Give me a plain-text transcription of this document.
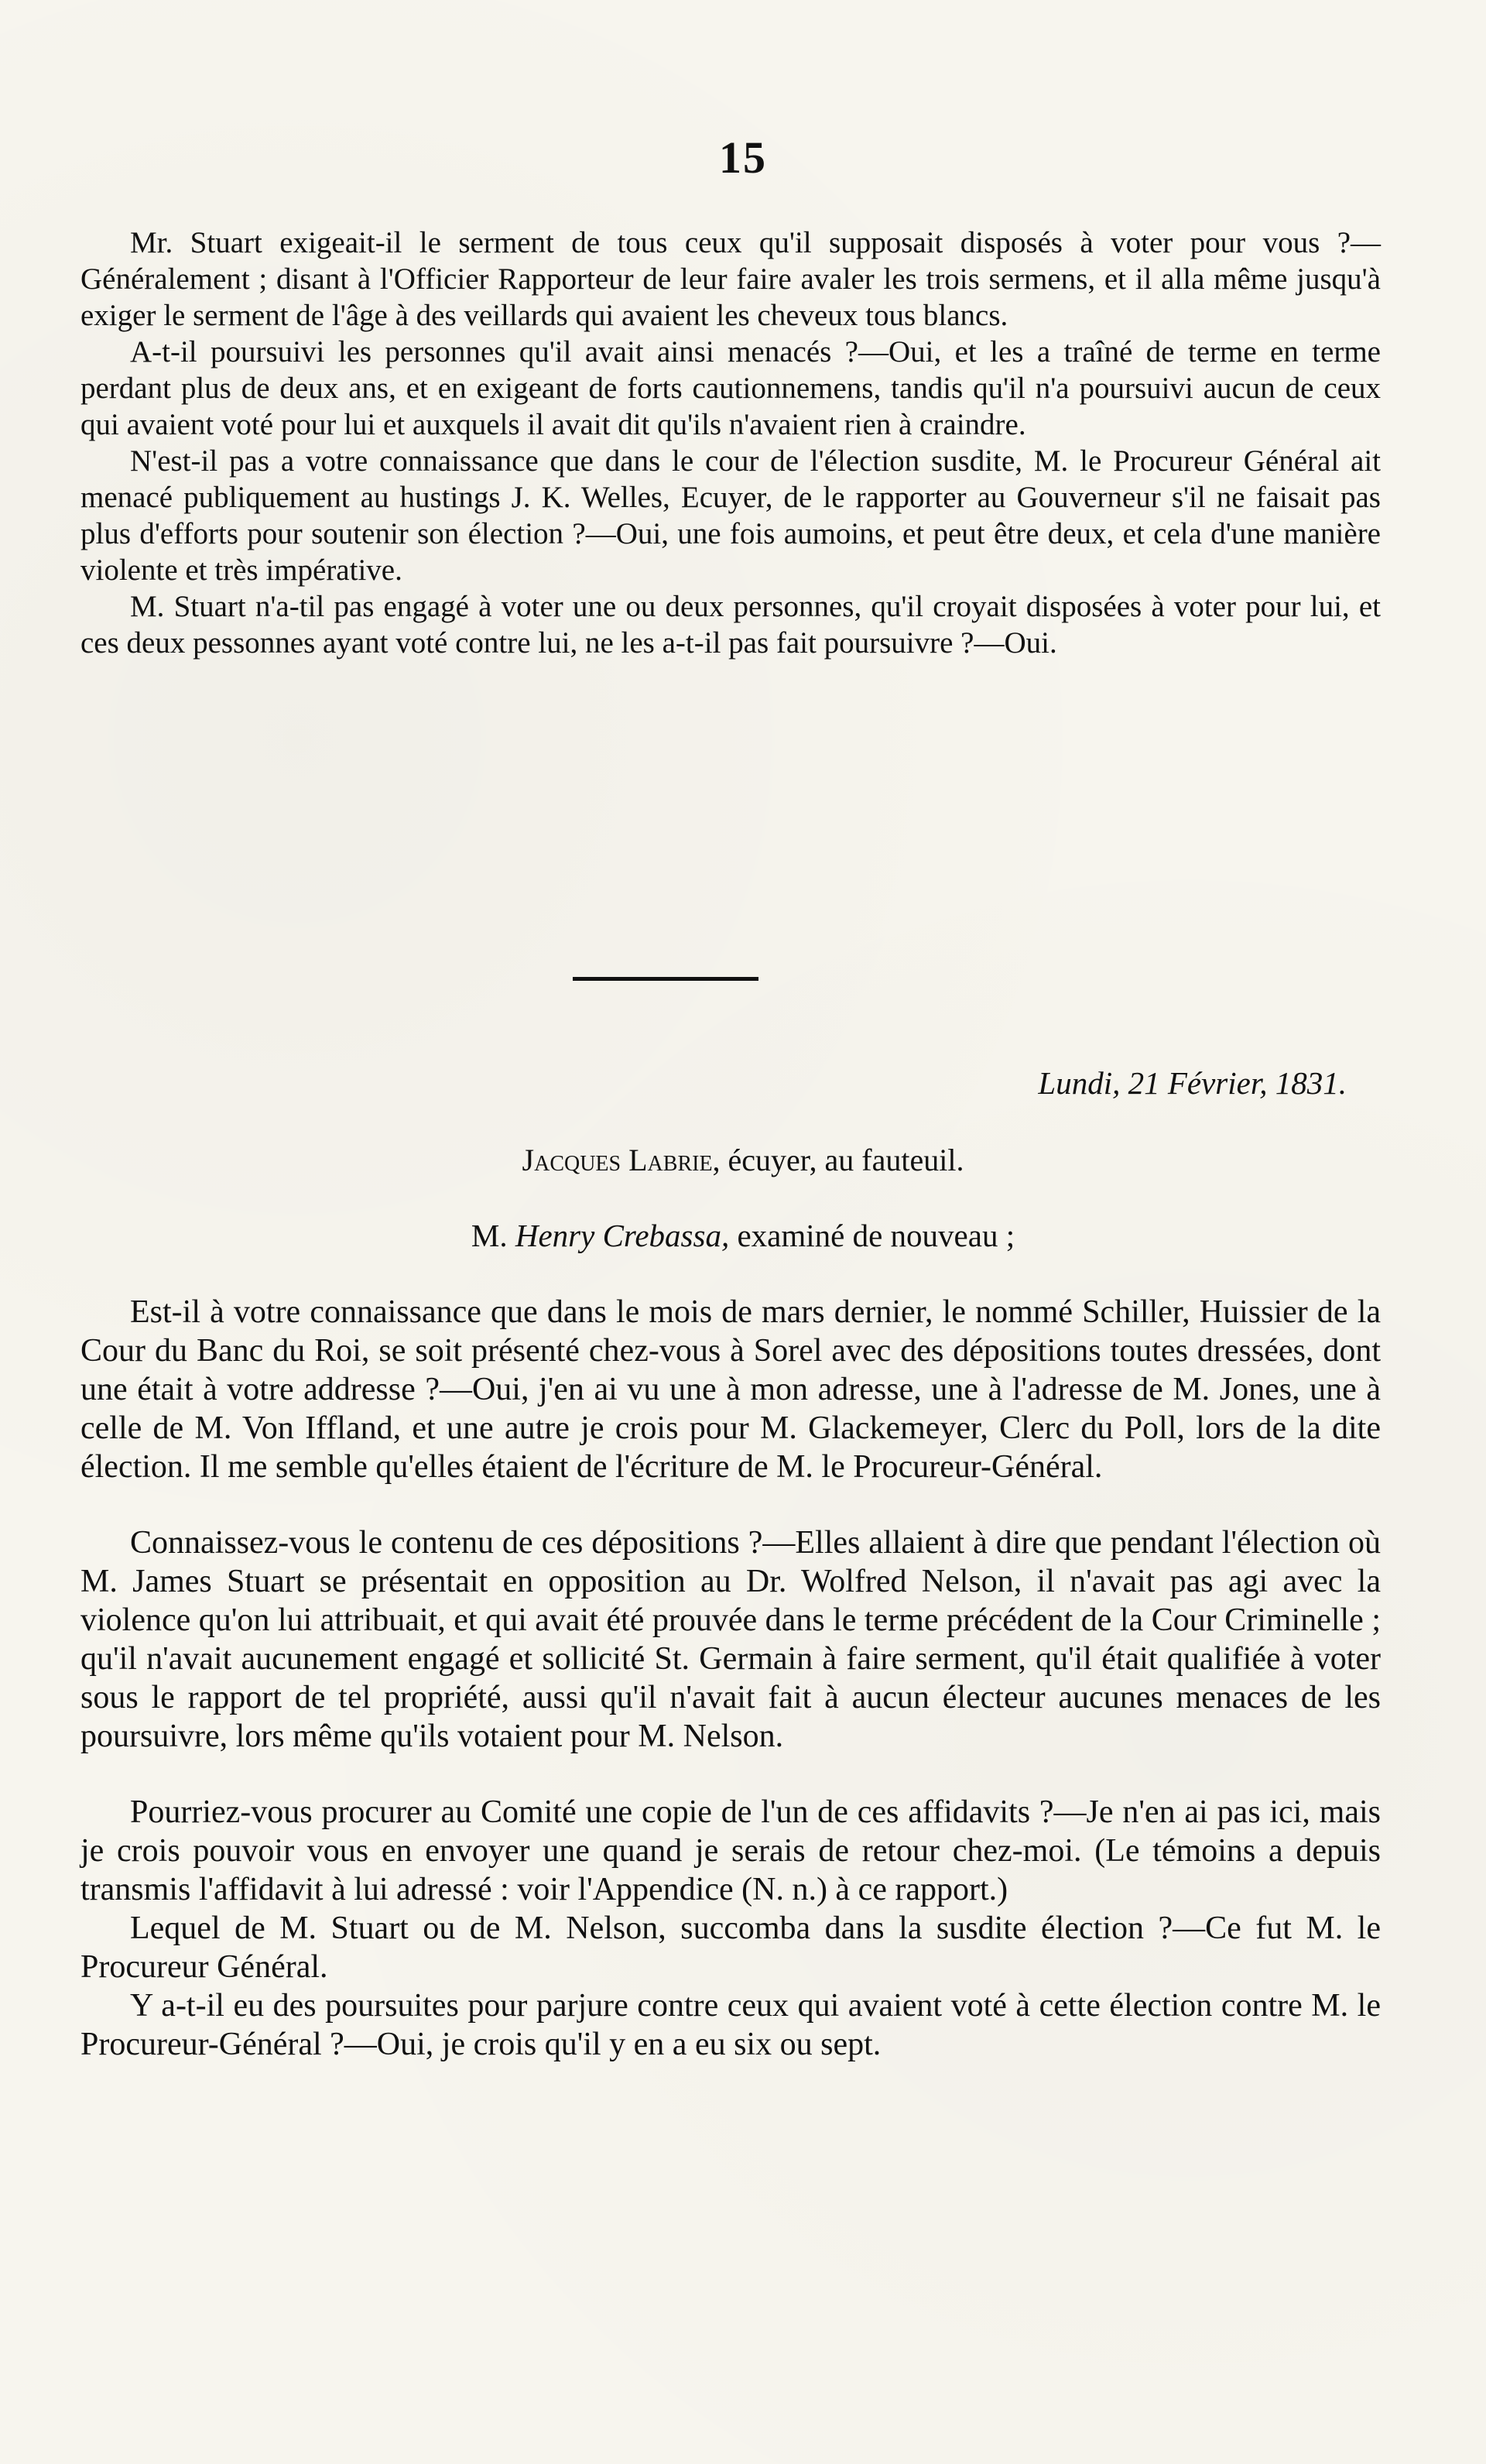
15

Mr. Stuart exigeait-il le serment de tous ceux qu'il supposait disposés à voter pour vous ?—Généralement ; disant à l'Officier Rapporteur de leur faire avaler les trois sermens, et il alla même jusqu'à exiger le serment de l'âge à des veillards qui avaient les cheveux tous blancs.

A-t-il poursuivi les personnes qu'il avait ainsi menacés ?—Oui, et les a traîné de terme en terme perdant plus de deux ans, et en exigeant de forts cautionnemens, tandis qu'il n'a poursuivi aucun de ceux qui avaient voté pour lui et auxquels il avait dit qu'ils n'avaient rien à craindre.

N'est-il pas a votre connaissance que dans le cour de l'élection susdite, M. le Procureur Général ait menacé publiquement au hustings J. K. Welles, Ecuyer, de le rapporter au Gouverneur s'il ne faisait pas plus d'efforts pour soutenir son élection ?—Oui, une fois aumoins, et peut être deux, et cela d'une manière violente et très impérative.

M. Stuart n'a-til pas engagé à voter une ou deux personnes, qu'il croyait disposées à voter pour lui, et ces deux pessonnes ayant voté contre lui, ne les a-t-il pas fait poursuivre ?—Oui.

Lundi, 21 Février, 1831.
Jacques Labrie, écuyer, au fauteuil.
M. Henry Crebassa, examiné de nouveau ;

Est-il à votre connaissance que dans le mois de mars dernier, le nommé Schiller, Huissier de la Cour du Banc du Roi, se soit présenté chez-vous à Sorel avec des dépositions toutes dressées, dont une était à votre addresse ?—Oui, j'en ai vu une à mon adresse, une à l'adresse de M. Jones, une à celle de M. Von Iffland, et une autre je crois pour M. Glackemeyer, Clerc du Poll, lors de la dite élection. Il me semble qu'elles étaient de l'écriture de M. le Procureur-Général.

Connaissez-vous le contenu de ces dépositions ?—Elles allaient à dire que pendant l'élection où M. James Stuart se présentait en opposition au Dr. Wolfred Nelson, il n'avait pas agi avec la violence qu'on lui attribuait, et qui avait été prouvée dans le terme précédent de la Cour Criminelle ; qu'il n'avait aucunement engagé et sollicité St. Germain à faire serment, qu'il était qualifiée à voter sous le rapport de tel propriété, aussi qu'il n'avait fait à aucun électeur aucunes menaces de les poursuivre, lors même qu'ils votaient pour M. Nelson.

Pourriez-vous procurer au Comité une copie de l'un de ces affidavits ?—Je n'en ai pas ici, mais je crois pouvoir vous en envoyer une quand je serais de retour chez-moi. (Le témoins a depuis transmis l'affidavit à lui adressé : voir l'Appendice (N. n.) à ce rapport.)

Lequel de M. Stuart ou de M. Nelson, succomba dans la susdite élection ?—Ce fut M. le Procureur Général.

Y a-t-il eu des poursuites pour parjure contre ceux qui avaient voté à cette élection contre M. le Procureur-Général ?—Oui, je crois qu'il y en a eu six ou sept.
